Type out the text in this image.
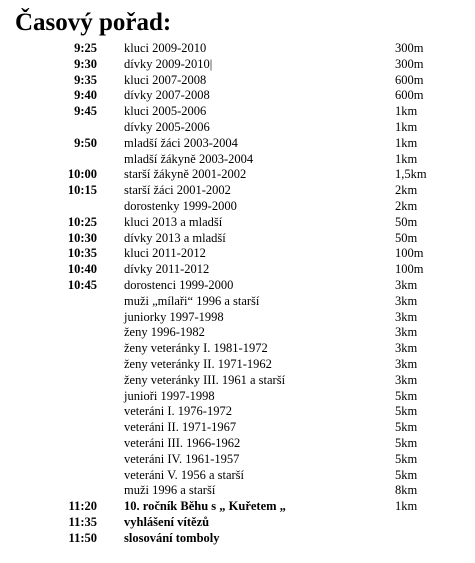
Časový pořad:
9:25 kluci 2009-2010	300m
9:30 dívky 2009-2010|	300m
9:35 kluci 2007-2008	600m
9:40 dívky 2007-2008	600m
9:45 kluci 2005-2006	1km
dívky 2005-2006	1km
9:50 mladší žáci 2003-2004	1km
mladší žákyně 2003-2004	1km
10:00 starší žákyně 2001-2002	1,5km
10:15 starší žáci 2001-2002	2km
dorostenky 1999-2000	2km
10:25 kluci 2013 a mladší	50m
10:30 dívky 2013 a mladší	50m
10:35 kluci 2011-2012	100m
10:40 dívky 2011-2012	100m
10:45 dorostenci 1999-2000	3km
muži „mílaři“ 1996 a starší	3km
juniorky 1997-1998	3km
ženy 1996-1982	3km
ženy veteránky I. 1981-1972	3km
ženy veteránky II. 1971-1962	3km
ženy veteránky III. 1961 a starší	3km
junioři 1997-1998	5km
veteráni I. 1976-1972	5km
veteráni II. 1971-1967	5km
veteráni III. 1966-1962	5km
veteráni IV. 1961-1957	5km
veteráni V. 1956 a starší	5km
muži 1996 a starší	8km
11:20 10. ročník Běhu s „ Kuřetem „	1km
11:35 vyhlášení vítězů
11:50 slosování tomboly
